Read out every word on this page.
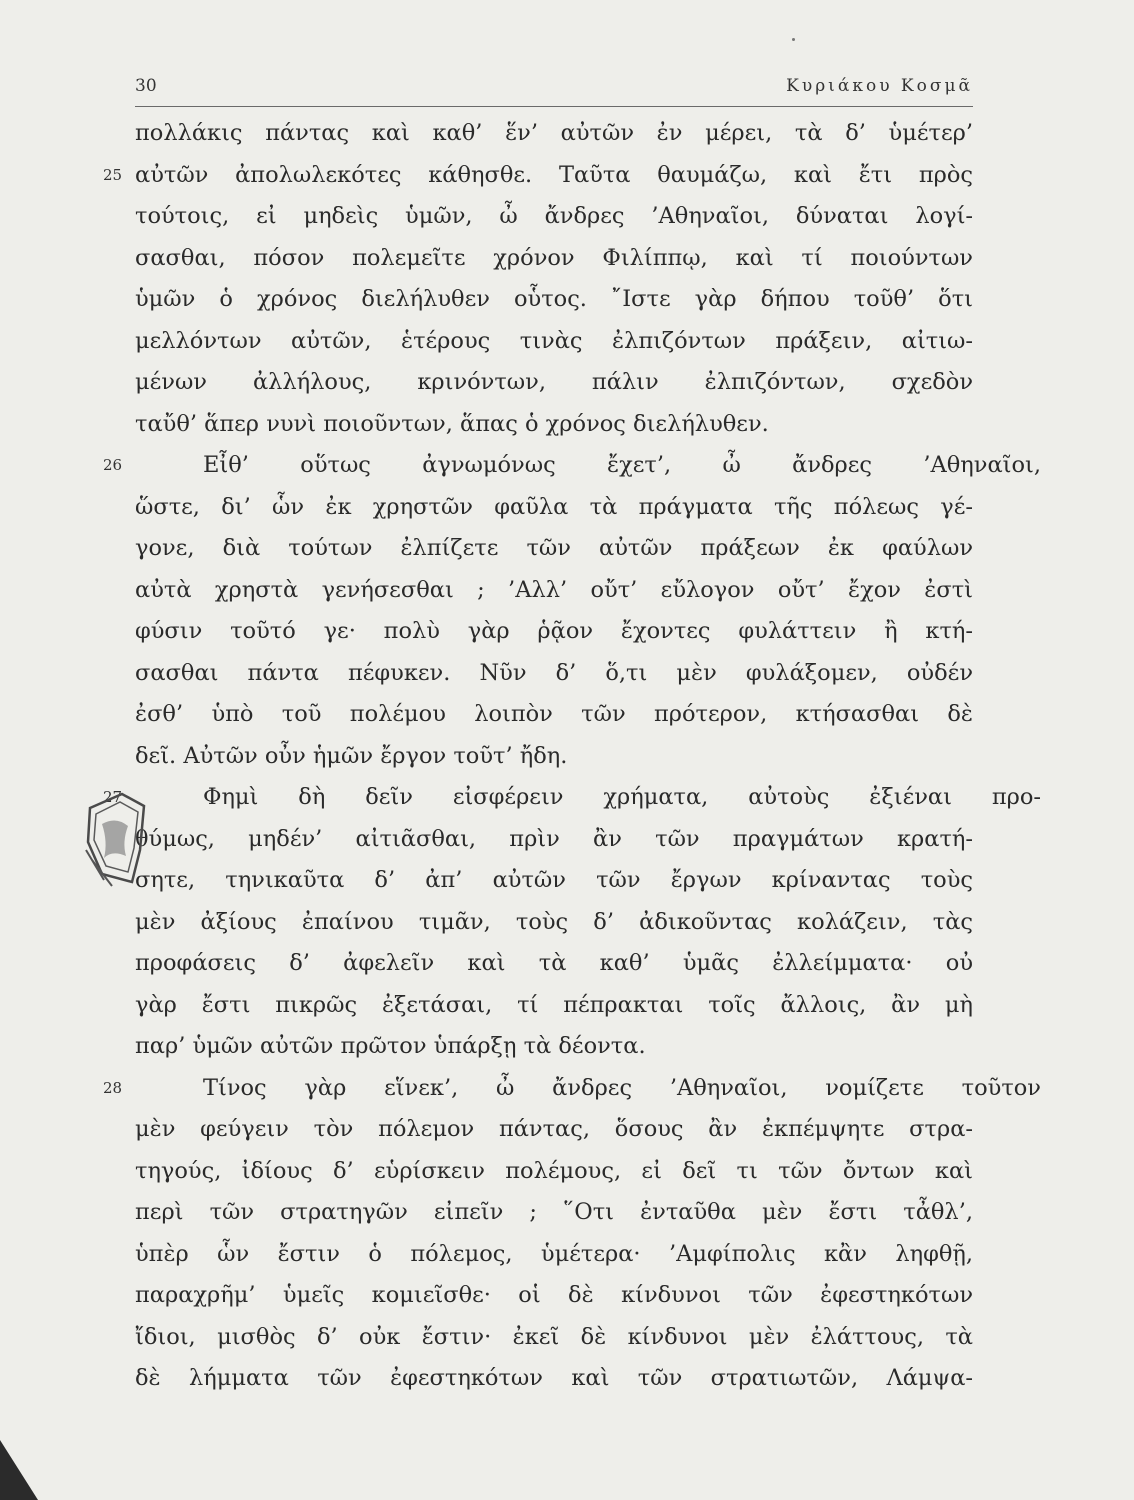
30	Κυριάκου Κοσμᾶ
πολλάκις πάντας καὶ καθ’ ἕν’ αὐτῶν ἐν μέρει, τὰ δ’ ὑμέτερ’
25 αὐτῶν ἀπολωλεκότες κάθησθε. Ταῦτα θαυμάζω, καὶ ἔτι πρὸς
τούτοις, εἰ μηδεὶς ὑμῶν, ὦ ἄνδρες ’Αθηναῖοι, δύναται λογί-
σασθαι, πόσον πολεμεῖτε χρόνον Φιλίππῳ, καὶ τί ποιούντων
ὑμῶν ὁ χρόνος διελήλυθεν οὗτος. ῎Ιστε γὰρ δήπου τοῦθ’ ὅτι
μελλόντων αὐτῶν, ἑτέρους τινὰς ἐλπιζόντων πράξειν, αἰτιω-
μένων ἀλλήλους, κρινόντων, πάλιν ἐλπιζόντων, σχεδὸν
ταὔθ’ ἅπερ νυνὶ ποιοῦντων, ἅπας ὁ χρόνος διελήλυθεν.
26	Εἶθ’ οὕτως ἀγνωμόνως ἔχετ’, ὦ ἄνδρες ’Αθηναῖοι,
ὥστε, δι’ ὧν ἐκ χρηστῶν φαῦλα τὰ πράγματα τῆς πόλεως γέ-
γονε, διὰ τούτων ἐλπίζετε τῶν αὐτῶν πράξεων ἐκ φαύλων
αὐτὰ χρηστὰ γενήσεσθαι ; ’Αλλ’ οὔτ’ εὔλογον οὔτ’ ἔχον ἐστὶ
φύσιν τοῦτό γε· πολὺ γὰρ ῥᾷον ἔχοντες φυλάττειν ἢ κτή-
σασθαι πάντα πέφυκεν. Νῦν δ’ ὅ,τι μὲν φυλάξομεν, οὐδέν
ἐσθ’ ὑπὸ τοῦ πολέμου λοιπὸν τῶν πρότερον, κτήσασθαι δὲ
δεῖ. Αὐτῶν οὖν ἡμῶν ἔργον τοῦτ’ ἤδη.
27	Φημὶ δὴ δεῖν εἰσφέρειν χρήματα, αὐτοὺς ἐξιέναι προ-
θύμως, μηδέν’ αἰτιᾶσθαι, πρὶν ἂν τῶν πραγμάτων κρατή-
σητε, τηνικαῦτα δ’ ἀπ’ αὐτῶν τῶν ἔργων κρίναντας τοὺς
μὲν ἀξίους ἐπαίνου τιμᾶν, τοὺς δ’ ἀδικοῦντας κολάζειν, τὰς
προφάσεις δ’ ἀφελεῖν καὶ τὰ καθ’ ὑμᾶς ἐλλείμματα· οὐ
γὰρ ἔστι πικρῶς ἐξετάσαι, τί πέπρακται τοῖς ἄλλοις, ἂν μὴ
παρ’ ὑμῶν αὐτῶν πρῶτον ὑπάρξῃ τὰ δέοντα.
28	Τίνος γὰρ εἵνεκ’, ὦ ἄνδρες ’Αθηναῖοι, νομίζετε τοῦτον
μὲν φεύγειν τὸν πόλεμον πάντας, ὅσους ἂν ἐκπέμψητε στρα-
τηγούς, ἰδίους δ’ εὑρίσκειν πολέμους, εἰ δεῖ τι τῶν ὄντων καὶ
περὶ τῶν στρατηγῶν εἰπεῖν ; ῞Οτι ἐνταῦθα μὲν ἔστι τἆθλ’,
ὑπὲρ ὧν ἔστιν ὁ πόλεμος, ὑμέτερα· ’Αμφίπολις κἂν ληφθῇ,
παραχρῆμ’ ὑμεῖς κομιεῖσθε· οἱ δὲ κίνδυνοι τῶν ἐφεστηκότων
ἴδιοι, μισθὸς δ’ οὐκ ἔστιν· ἐκεῖ δὲ κίνδυνοι μὲν ἐλάττους, τὰ
δὲ λήμματα τῶν ἐφεστηκότων καὶ τῶν στρατιωτῶν, Λάμψα-
